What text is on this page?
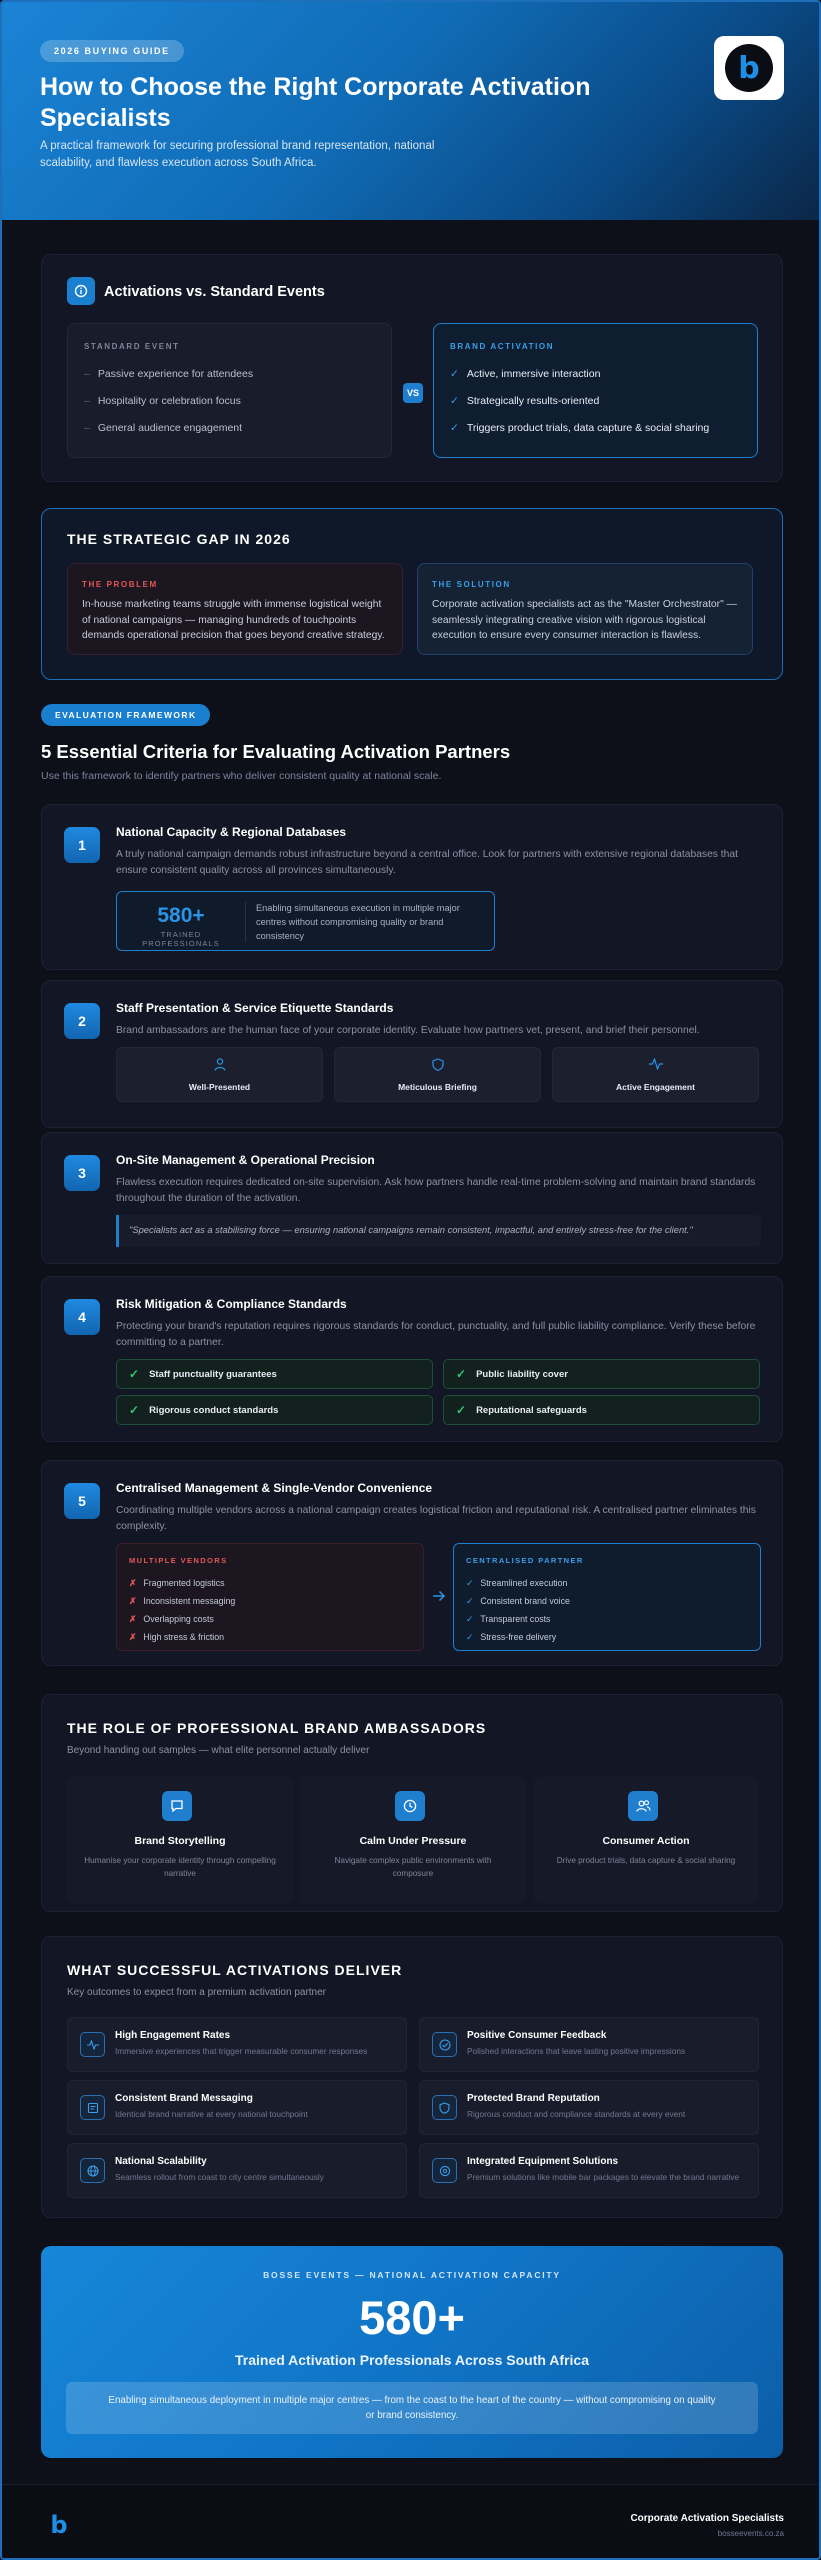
2026 BUYING GUIDE
How to Choose the Right Corporate Activation Specialists
A practical framework for securing professional brand representation, national scalability, and flawless execution across South Africa.
b
Activations vs. Standard Events
STANDARD EVENT
– Passive experience for attendees
– Hospitality or celebration focus
– General audience engagement
VS
BRAND ACTIVATION
✓ Active, immersive interaction
✓ Strategically results-oriented
✓ Triggers product trials, data capture & social sharing
THE STRATEGIC GAP IN 2026
THE PROBLEM
In-house marketing teams struggle with immense logistical weight of national campaigns — managing hundreds of touchpoints demands operational precision that goes beyond creative strategy.
THE SOLUTION
Corporate activation specialists act as the "Master Orchestrator" — seamlessly integrating creative vision with rigorous logistical execution to ensure every consumer interaction is flawless.
EVALUATION FRAMEWORK
5 Essential Criteria for Evaluating Activation Partners
Use this framework to identify partners who deliver consistent quality at national scale.
1
National Capacity & Regional Databases
A truly national campaign demands robust infrastructure beyond a central office. Look for partners with extensive regional databases that ensure consistent quality across all provinces simultaneously.
580+
TRAINED PROFESSIONALS
Enabling simultaneous execution in multiple major centres without compromising quality or brand consistency
2
Staff Presentation & Service Etiquette Standards
Brand ambassadors are the human face of your corporate identity. Evaluate how partners vet, present, and brief their personnel.
Well-Presented	Meticulous Briefing	Active Engagement
3
On-Site Management & Operational Precision
Flawless execution requires dedicated on-site supervision. Ask how partners handle real-time problem-solving and maintain brand standards throughout the duration of the activation.
"Specialists act as a stabilising force — ensuring national campaigns remain consistent, impactful, and entirely stress-free for the client."
4
Risk Mitigation & Compliance Standards
Protecting your brand's reputation requires rigorous standards for conduct, punctuality, and full public liability compliance. Verify these before committing to a partner.
✓ Staff punctuality guarantees	✓ Public liability cover
✓ Rigorous conduct standards	✓ Reputational safeguards
5
Centralised Management & Single-Vendor Convenience
Coordinating multiple vendors across a national campaign creates logistical friction and reputational risk. A centralised partner eliminates this complexity.
MULTIPLE VENDORS
✗ Fragmented logistics
✗ Inconsistent messaging
✗ Overlapping costs
✗ High stress & friction
CENTRALISED PARTNER
✓ Streamlined execution
✓ Consistent brand voice
✓ Transparent costs
✓ Stress-free delivery
THE ROLE OF PROFESSIONAL BRAND AMBASSADORS
Beyond handing out samples — what elite personnel actually deliver
Brand Storytelling
Humanise your corporate identity through compelling narrative
Calm Under Pressure
Navigate complex public environments with composure
Consumer Action
Drive product trials, data capture & social sharing
WHAT SUCCESSFUL ACTIVATIONS DELIVER
Key outcomes to expect from a premium activation partner
High Engagement Rates
Immersive experiences that trigger measurable consumer responses
Positive Consumer Feedback
Polished interactions that leave lasting positive impressions
Consistent Brand Messaging
Identical brand narrative at every national touchpoint
Protected Brand Reputation
Rigorous conduct and compliance standards at every event
National Scalability
Seamless rollout from coast to city centre simultaneously
Integrated Equipment Solutions
Premium solutions like mobile bar packages to elevate the brand narrative
BOSSE EVENTS — NATIONAL ACTIVATION CAPACITY
580+
Trained Activation Professionals Across South Africa
Enabling simultaneous deployment in multiple major centres — from the coast to the heart of the country — without compromising on quality or brand consistency.
b	Corporate Activation Specialists
bosseevents.co.za
